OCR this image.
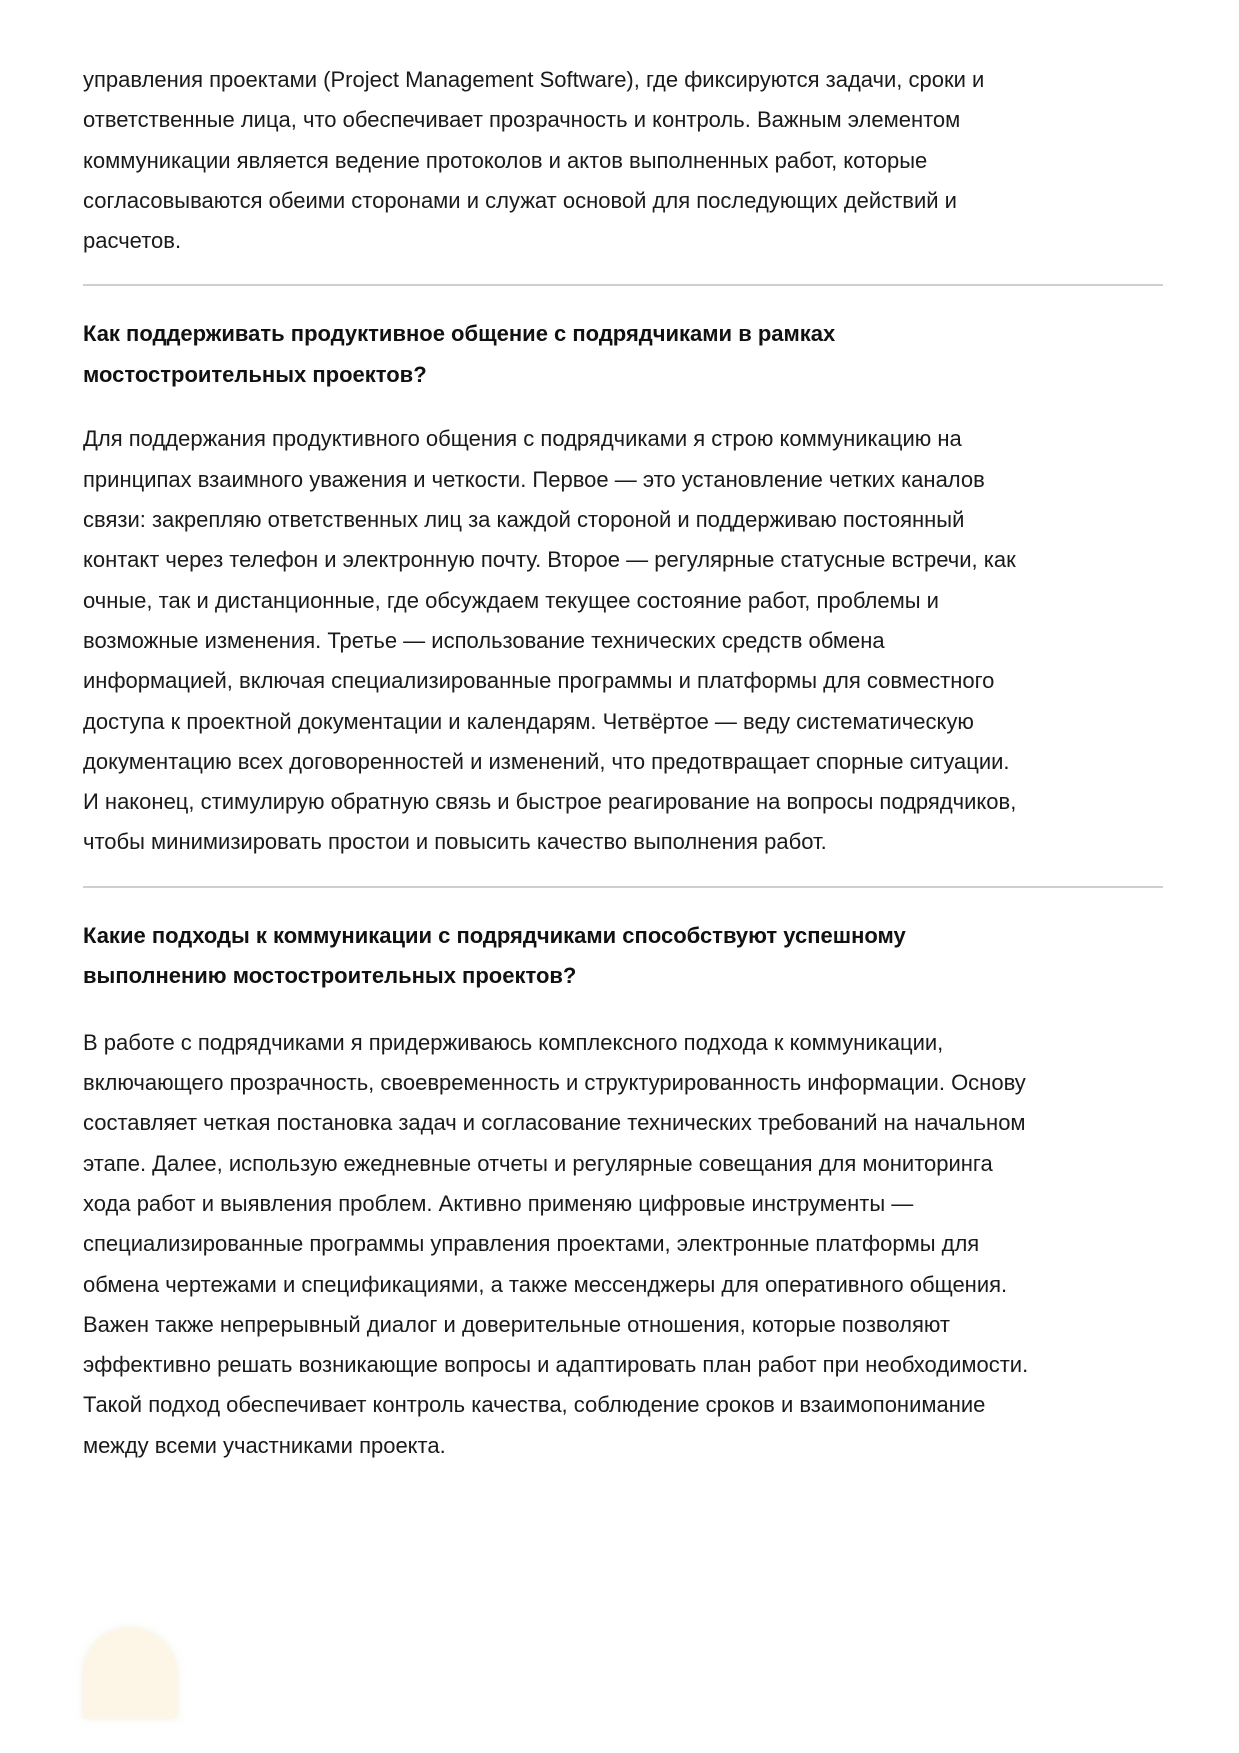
управления проектами (Project Management Software), где фиксируются задачи, сроки и
ответственные лица, что обеспечивает прозрачность и контроль. Важным элементом
коммуникации является ведение протоколов и актов выполненных работ, которые
согласовываются обеими сторонами и служат основой для последующих действий и
расчетов.
Как поддерживать продуктивное общение с подрядчиками в рамках
мостостроительных проектов?
Для поддержания продуктивного общения с подрядчиками я строю коммуникацию на
принципах взаимного уважения и четкости. Первое — это установление четких каналов
связи: закрепляю ответственных лиц за каждой стороной и поддерживаю постоянный
контакт через телефон и электронную почту. Второе — регулярные статусные встречи, как
очные, так и дистанционные, где обсуждаем текущее состояние работ, проблемы и
возможные изменения. Третье — использование технических средств обмена
информацией, включая специализированные программы и платформы для совместного
доступа к проектной документации и календарям. Четвёртое — веду систематическую
документацию всех договоренностей и изменений, что предотвращает спорные ситуации.
И наконец, стимулирую обратную связь и быстрое реагирование на вопросы подрядчиков,
чтобы минимизировать простои и повысить качество выполнения работ.
Какие подходы к коммуникации с подрядчиками способствуют успешному
выполнению мостостроительных проектов?
В работе с подрядчиками я придерживаюсь комплексного подхода к коммуникации,
включающего прозрачность, своевременность и структурированность информации. Основу
составляет четкая постановка задач и согласование технических требований на начальном
этапе. Далее, использую ежедневные отчеты и регулярные совещания для мониторинга
хода работ и выявления проблем. Активно применяю цифровые инструменты —
специализированные программы управления проектами, электронные платформы для
обмена чертежами и спецификациями, а также мессенджеры для оперативного общения.
Важен также непрерывный диалог и доверительные отношения, которые позволяют
эффективно решать возникающие вопросы и адаптировать план работ при необходимости.
Такой подход обеспечивает контроль качества, соблюдение сроков и взаимопонимание
между всеми участниками проекта.
